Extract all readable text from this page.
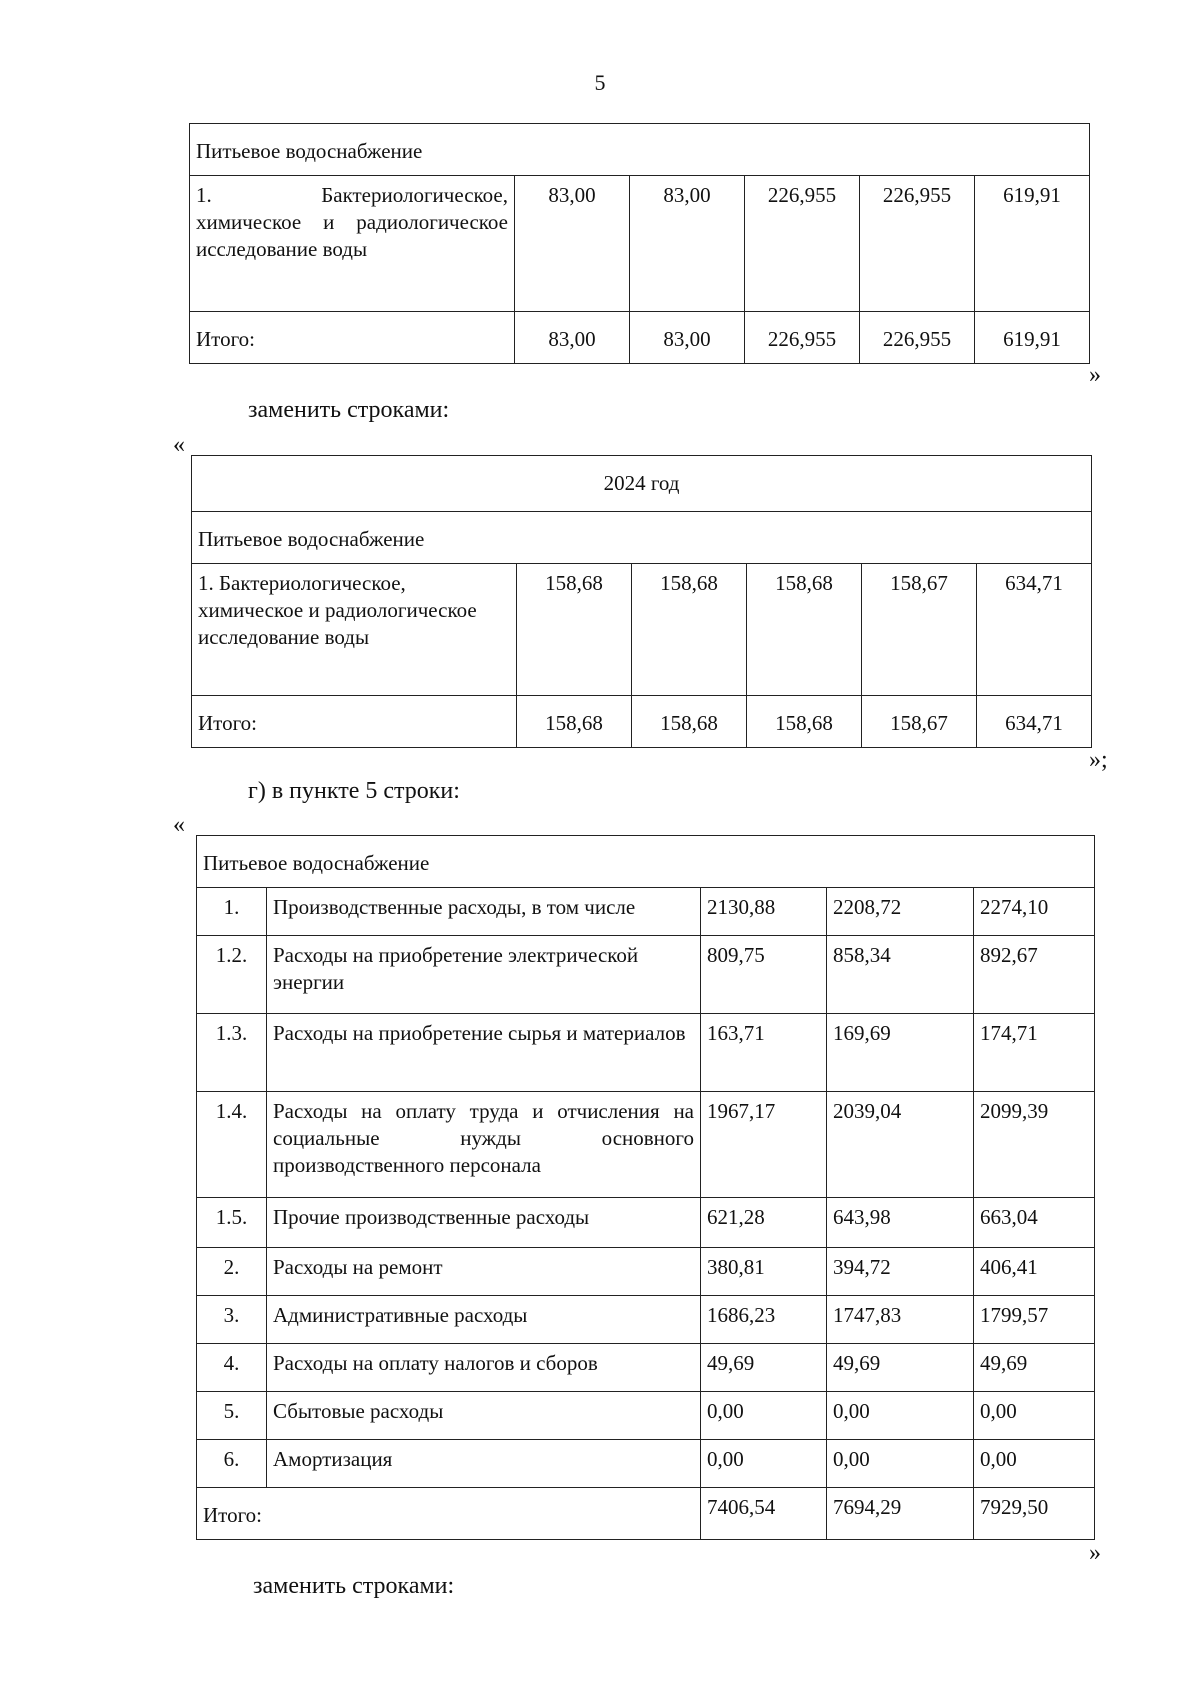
5
Питьевое водоснабжение					
1. Бактериологическое, химическое и радиологическое исследование воды	83,00	83,00	226,955	226,955	619,91
Итого:	83,00	83,00	226,955	226,955	619,91
»
заменить строками:
«
2024 год					
Питьевое водоснабжение					
1. Бактериологическое, химическое и радиологическое исследование воды	158,68	158,68	158,68	158,67	634,71
Итого:	158,68	158,68	158,68	158,67	634,71
»;
г) в пункте 5 строки:
«
Питьевое водоснабжение				
1.	Производственные расходы, в том числе	2130,88	2208,72	2274,10
1.2.	Расходы на приобретение электрической энергии	809,75	858,34	892,67
1.3.	Расходы на приобретение сырья и материалов	163,71	169,69	174,71
1.4.	Расходы на оплату труда и отчисления на социальные нужды основного производственного персонала	1967,17	2039,04	2099,39
1.5.	Прочие производственные расходы	621,28	643,98	663,04
2.	Расходы на ремонт	380,81	394,72	406,41
3.	Административные расходы	1686,23	1747,83	1799,57
4.	Расходы на оплату налогов и сборов	49,69	49,69	49,69
5.	Сбытовые расходы	0,00	0,00	0,00
6.	Амортизация	0,00	0,00	0,00
Итого:		7406,54	7694,29	7929,50
»
заменить строками:
